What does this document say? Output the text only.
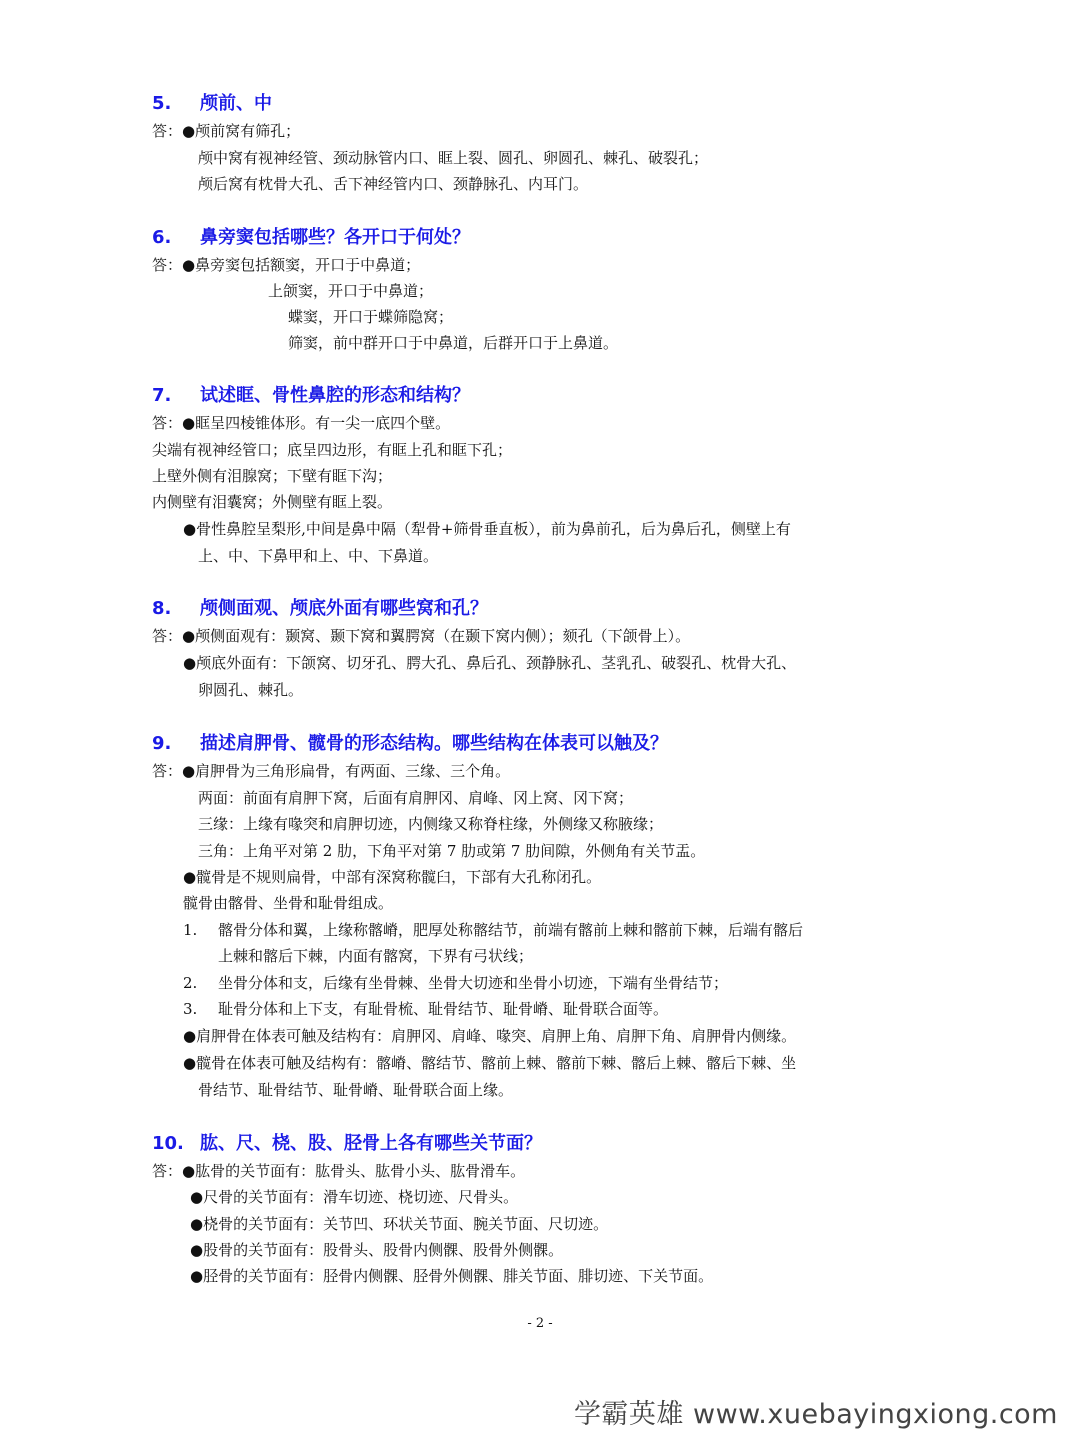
5. 颅前、中
答：●颅前窝有筛孔；
颅中窝有视神经管、颈动脉管内口、眶上裂、圆孔、卵圆孔、棘孔、破裂孔；
颅后窝有枕骨大孔、舌下神经管内口、颈静脉孔、内耳门。
6. 鼻旁窦包括哪些？各开口于何处？
答：●鼻旁窦包括额窦，开口于中鼻道；
上颌窦，开口于中鼻道；
蝶窦，开口于蝶筛隐窝；
筛窦，前中群开口于中鼻道，后群开口于上鼻道。
7. 试述眶、骨性鼻腔的形态和结构？
答：●眶呈四棱锥体形。有一尖一底四个壁。
尖端有视神经管口；底呈四边形，有眶上孔和眶下孔；
上壁外侧有泪腺窝；下壁有眶下沟；
内侧壁有泪囊窝；外侧壁有眶上裂。
●骨性鼻腔呈梨形,中间是鼻中隔（犁骨+筛骨垂直板），前为鼻前孔，后为鼻后孔，侧壁上有
上、中、下鼻甲和上、中、下鼻道。
8. 颅侧面观、颅底外面有哪些窝和孔？
答：●颅侧面观有：颞窝、颞下窝和翼腭窝（在颞下窝内侧）；颏孔（下颌骨上）。
●颅底外面有：下颌窝、切牙孔、腭大孔、鼻后孔、颈静脉孔、茎乳孔、破裂孔、枕骨大孔、
卵圆孔、棘孔。
9. 描述肩胛骨、髋骨的形态结构。哪些结构在体表可以触及？
答：●肩胛骨为三角形扁骨，有两面、三缘、三个角。
两面：前面有肩胛下窝，后面有肩胛冈、肩峰、冈上窝、冈下窝；
三缘：上缘有喙突和肩胛切迹，内侧缘又称脊柱缘，外侧缘又称腋缘；
三角：上角平对第 2 肋，下角平对第 7 肋或第 7 肋间隙，外侧角有关节盂。
●髋骨是不规则扁骨，中部有深窝称髋臼，下部有大孔称闭孔。
髋骨由髂骨、坐骨和耻骨组成。
1. 髂骨分体和翼，上缘称髂嵴，肥厚处称髂结节，前端有髂前上棘和髂前下棘，后端有髂后
上棘和髂后下棘，内面有髂窝，下界有弓状线；
2. 坐骨分体和支，后缘有坐骨棘、坐骨大切迹和坐骨小切迹，下端有坐骨结节；
3. 耻骨分体和上下支，有耻骨梳、耻骨结节、耻骨嵴、耻骨联合面等。
●肩胛骨在体表可触及结构有：肩胛冈、肩峰、喙突、肩胛上角、肩胛下角、肩胛骨内侧缘。
●髋骨在体表可触及结构有：髂嵴、髂结节、髂前上棘、髂前下棘、髂后上棘、髂后下棘、坐
骨结节、耻骨结节、耻骨嵴、耻骨联合面上缘。
10. 肱、尺、桡、股、胫骨上各有哪些关节面？
答：●肱骨的关节面有：肱骨头、肱骨小头、肱骨滑车。
●尺骨的关节面有：滑车切迹、桡切迹、尺骨头。
●桡骨的关节面有：关节凹、环状关节面、腕关节面、尺切迹。
●股骨的关节面有：股骨头、股骨内侧髁、股骨外侧髁。
●胫骨的关节面有：胫骨内侧髁、胫骨外侧髁、腓关节面、腓切迹、下关节面。
- 2 -
学霸英雄 www.xuebayingxiong.com
